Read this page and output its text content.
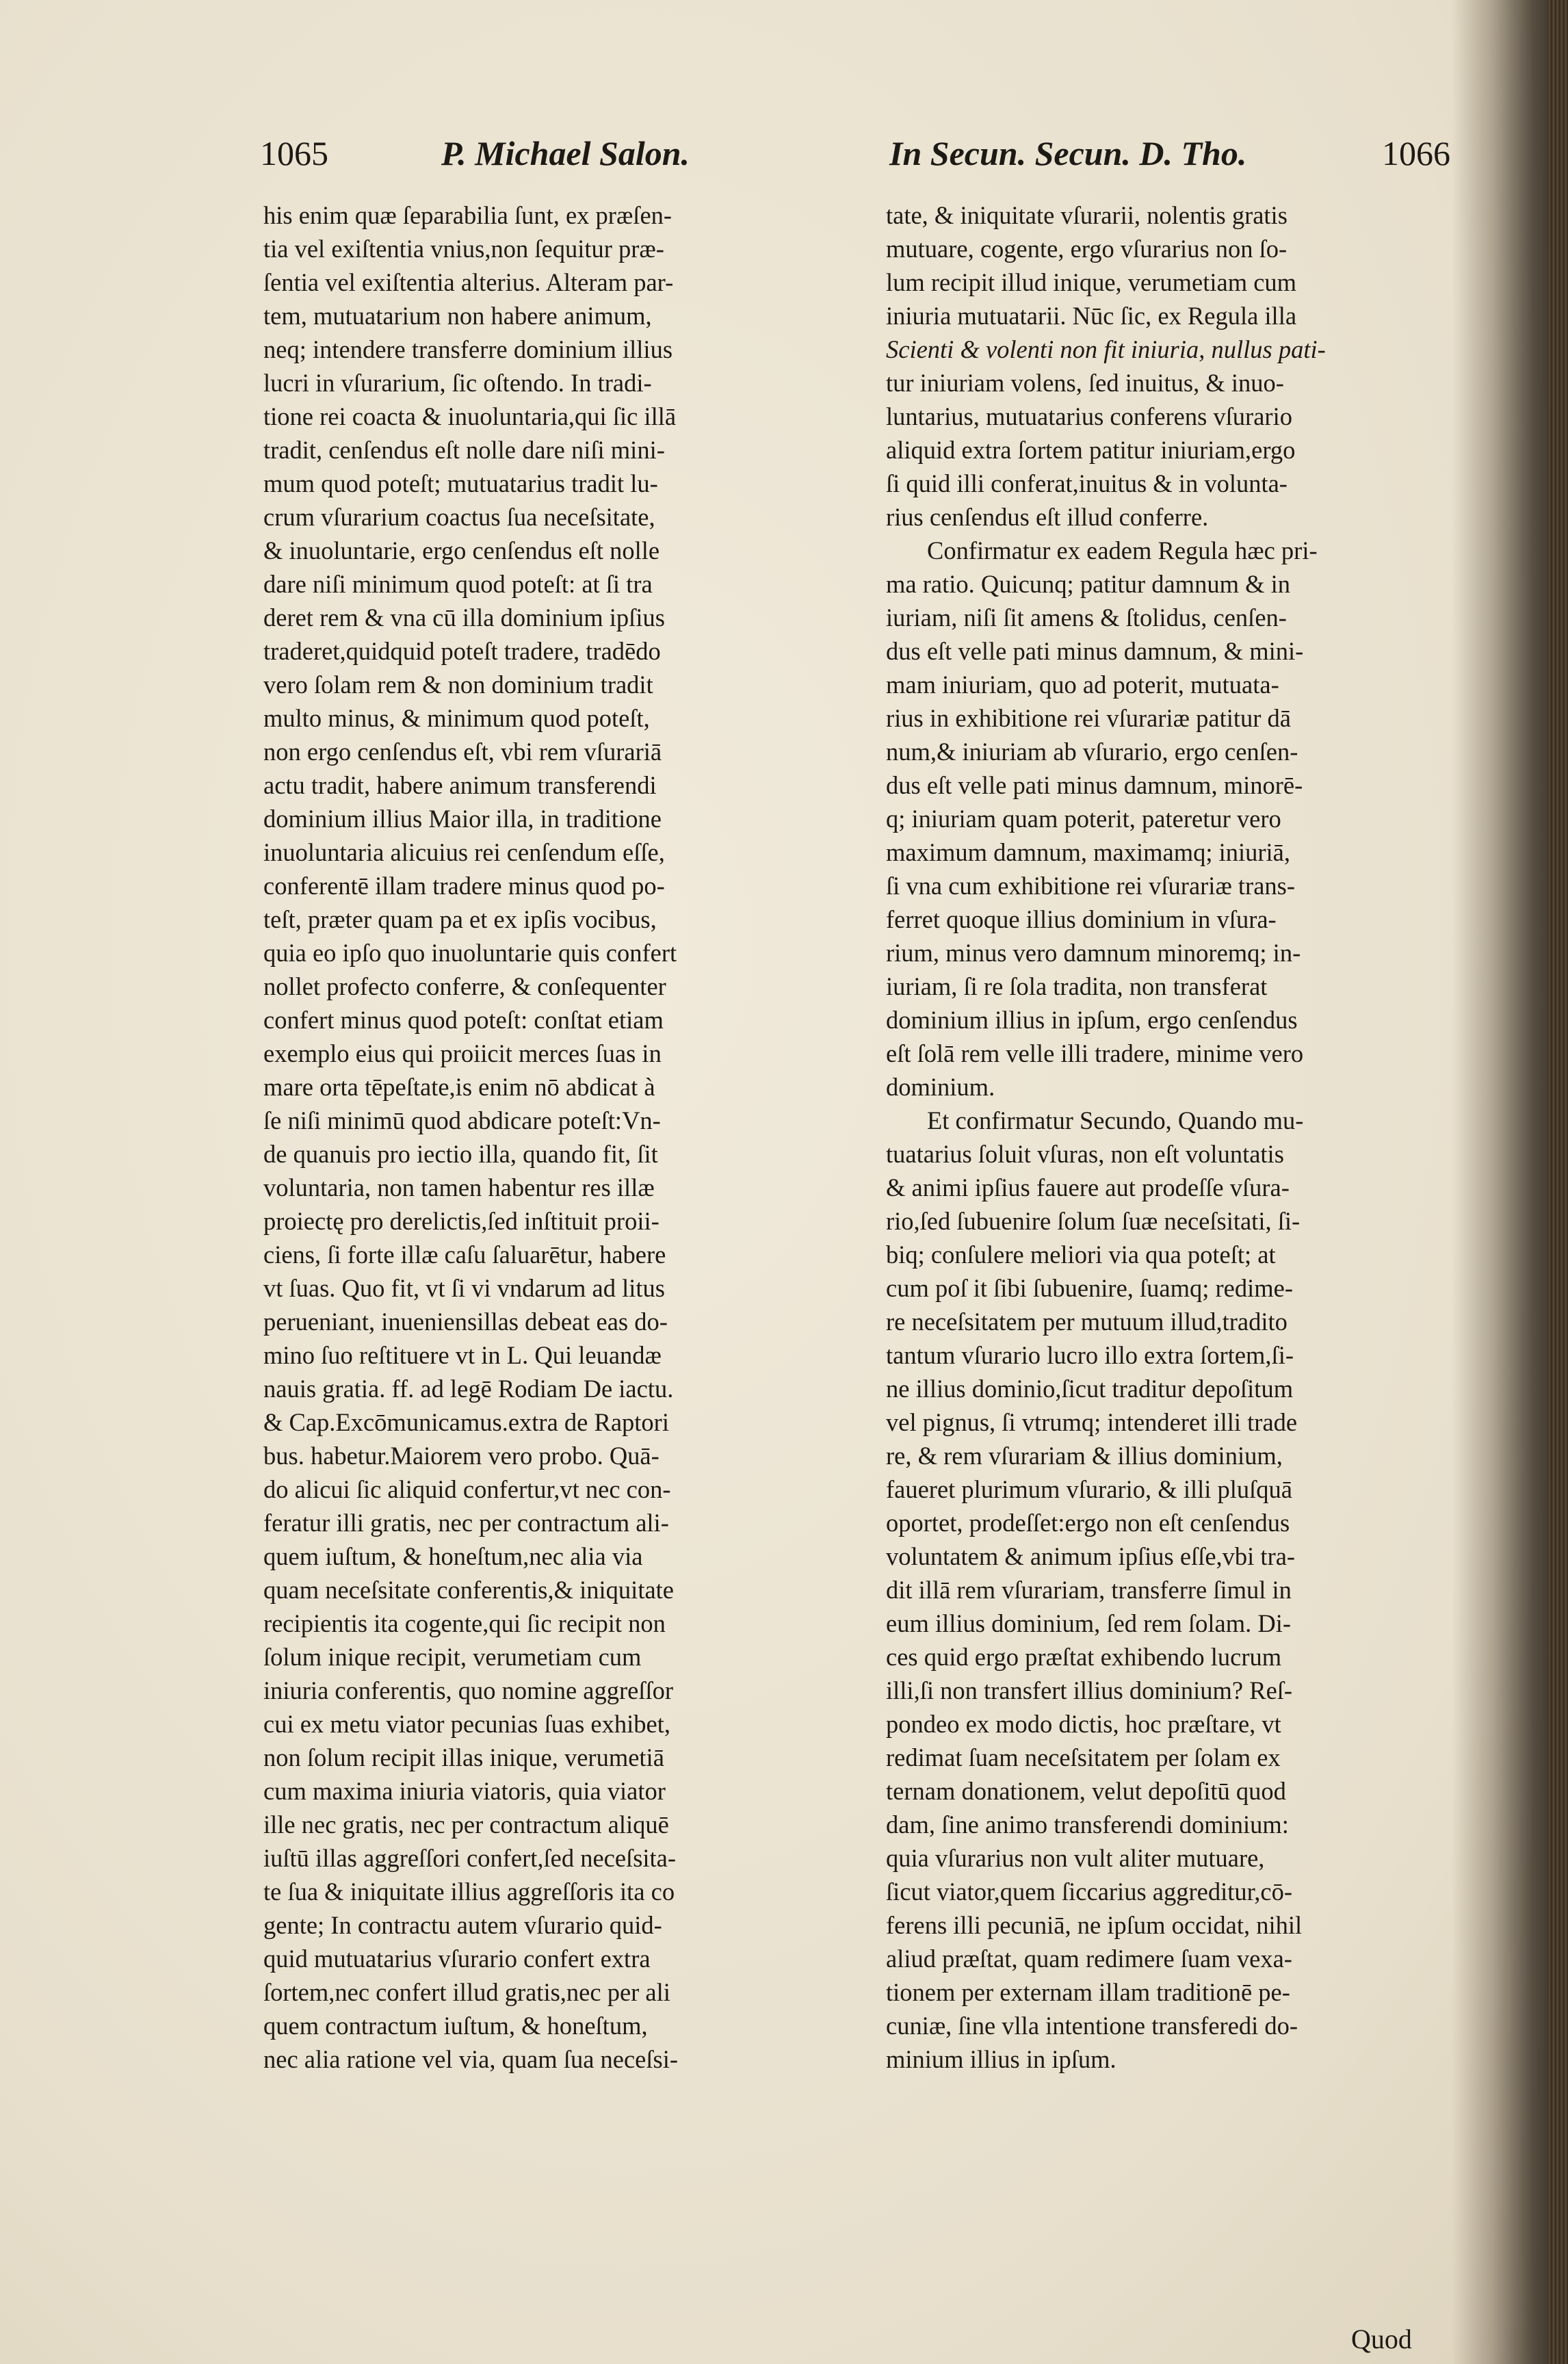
1065	P. Michael Salon.	In Secun. Secun. D. Tho.	1066
his enim quæ ſeparabilia ſunt, ex præſen-
tia vel exiſtentia vnius,non ſequitur præ-
ſentia vel exiſtentia alterius. Alteram par-
tem, mutuatarium non habere animum,
neq; intendere transferre dominium illius
lucri in vſurarium, ſic oſtendo. In tradi-
tione rei coacta & inuoluntaria,qui ſic illā
tradit, cenſendus eſt nolle dare niſi mini-
mum quod poteſt; mutuatarius tradit lu-
crum vſurarium coactus ſua neceſsitate,
& inuoluntarie, ergo cenſendus eſt nolle
dare niſi minimum quod poteſt: at ſi tra
deret rem & vna cū illa dominium ipſius
traderet,quidquid poteſt tradere, tradēdo
vero ſolam rem & non dominium tradit
multo minus, & minimum quod poteſt,
non ergo cenſendus eſt, vbi rem vſurariā
actu tradit, habere animum transferendi
dominium illius Maior illa, in traditione
inuoluntaria alicuius rei cenſendum eſſe,
conferentē illam tradere minus quod po-
teſt, præter quam pa et ex ipſis vocibus,
quia eo ipſo quo inuoluntarie quis confert
nollet profecto conferre, & conſequenter
confert minus quod poteſt: conſtat etiam
exemplo eius qui proiicit merces ſuas in
mare orta tēpeſtate,is enim nō abdicat à
ſe niſi minimū quod abdicare poteſt:Vn-
de quanuis pro iectio illa, quando fit, ſit
voluntaria, non tamen habentur res illæ
proiectę pro derelictis,ſed inſtituit proii-
ciens, ſi forte illæ caſu ſaluarētur, habere
vt ſuas. Quo fit, vt ſi vi vndarum ad litus
perueniant, inueniensillas debeat eas do-
mino ſuo reſtituere vt in L. Qui leuandæ
nauis gratia. ff. ad legē Rodiam De iactu.
& Cap.Excōmunicamus.extra de Raptori
bus. habetur.Maiorem vero probo. Quā-
do alicui ſic aliquid confertur,vt nec con-
feratur illi gratis, nec per contractum ali-
quem iuſtum, & honeſtum,nec alia via
quam neceſsitate conferentis,& iniquitate
recipientis ita cogente,qui ſic recipit non
ſolum inique recipit, verumetiam cum
iniuria conferentis, quo nomine aggreſſor
cui ex metu viator pecunias ſuas exhibet,
non ſolum recipit illas inique, verumetiā
cum maxima iniuria viatoris, quia viator
ille nec gratis, nec per contractum aliquē
iuſtū illas aggreſſori confert,ſed neceſsita-
te ſua & iniquitate illius aggreſſoris ita co
gente; In contractu autem vſurario quid-
quid mutuatarius vſurario confert extra
ſortem,nec confert illud gratis,nec per ali
quem contractum iuſtum, & honeſtum,
nec alia ratione vel via, quam ſua neceſsi-
tate, & iniquitate vſurarii, nolentis gratis
mutuare, cogente, ergo vſurarius non ſo-
lum recipit illud inique, verumetiam cum
iniuria mutuatarii. Nūc ſic, ex Regula illa
Scienti & volenti non fit iniuria, nullus pati-
tur iniuriam volens, ſed inuitus, & inuo-
luntarius, mutuatarius conferens vſurario
aliquid extra ſortem patitur iniuriam,ergo
ſi quid illi conferat,inuitus & in volunta-
rius cenſendus eſt illud conferre.
Confirmatur ex eadem Regula hæc pri-
ma ratio. Quicunq; patitur damnum & in
iuriam, niſi ſit amens & ſtolidus, cenſen-
dus eſt velle pati minus damnum, & mini-
mam iniuriam, quo ad poterit, mutuata-
rius in exhibitione rei vſurariæ patitur dā
num,& iniuriam ab vſurario, ergo cenſen-
dus eſt velle pati minus damnum, minorē-
q; iniuriam quam poterit, pateretur vero
maximum damnum, maximamq; iniuriā,
ſi vna cum exhibitione rei vſurariæ trans-
ferret quoque illius dominium in vſura-
rium, minus vero damnum minoremq; in-
iuriam, ſi re ſola tradita, non transferat
dominium illius in ipſum, ergo cenſendus
eſt ſolā rem velle illi tradere, minime vero
dominium.
Et confirmatur Secundo, Quando mu-
tuatarius ſoluit vſuras, non eſt voluntatis
& animi ipſius fauere aut prodeſſe vſura-
rio,ſed ſubuenire ſolum ſuæ neceſsitati, ſi-
biq; conſulere meliori via qua poteſt; at
cum poſ it ſibi ſubuenire, ſuamq; redime-
re neceſsitatem per mutuum illud,tradito
tantum vſurario lucro illo extra ſortem,ſi-
ne illius dominio,ſicut traditur depoſitum
vel pignus, ſi vtrumq; intenderet illi trade
re, & rem vſurariam & illius dominium,
faueret plurimum vſurario, & illi pluſquā
oportet, prodeſſet:ergo non eſt cenſendus
voluntatem & animum ipſius eſſe,vbi tra-
dit illā rem vſurariam, transferre ſimul in
eum illius dominium, ſed rem ſolam. Di-
ces quid ergo præſtat exhibendo lucrum
illi,ſi non transfert illius dominium? Reſ-
pondeo ex modo dictis, hoc præſtare, vt
redimat ſuam neceſsitatem per ſolam ex
ternam donationem, velut depoſitū quod
dam, ſine animo transferendi dominium:
quia vſurarius non vult aliter mutuare,
ſicut viator,quem ſiccarius aggreditur,cō-
ferens illi pecuniā, ne ipſum occidat, nihil
aliud præſtat, quam redimere ſuam vexa-
tionem per externam illam traditionē pe-
cuniæ, ſine vlla intentione transferedi do-
minium illius in ipſum.
Quod
